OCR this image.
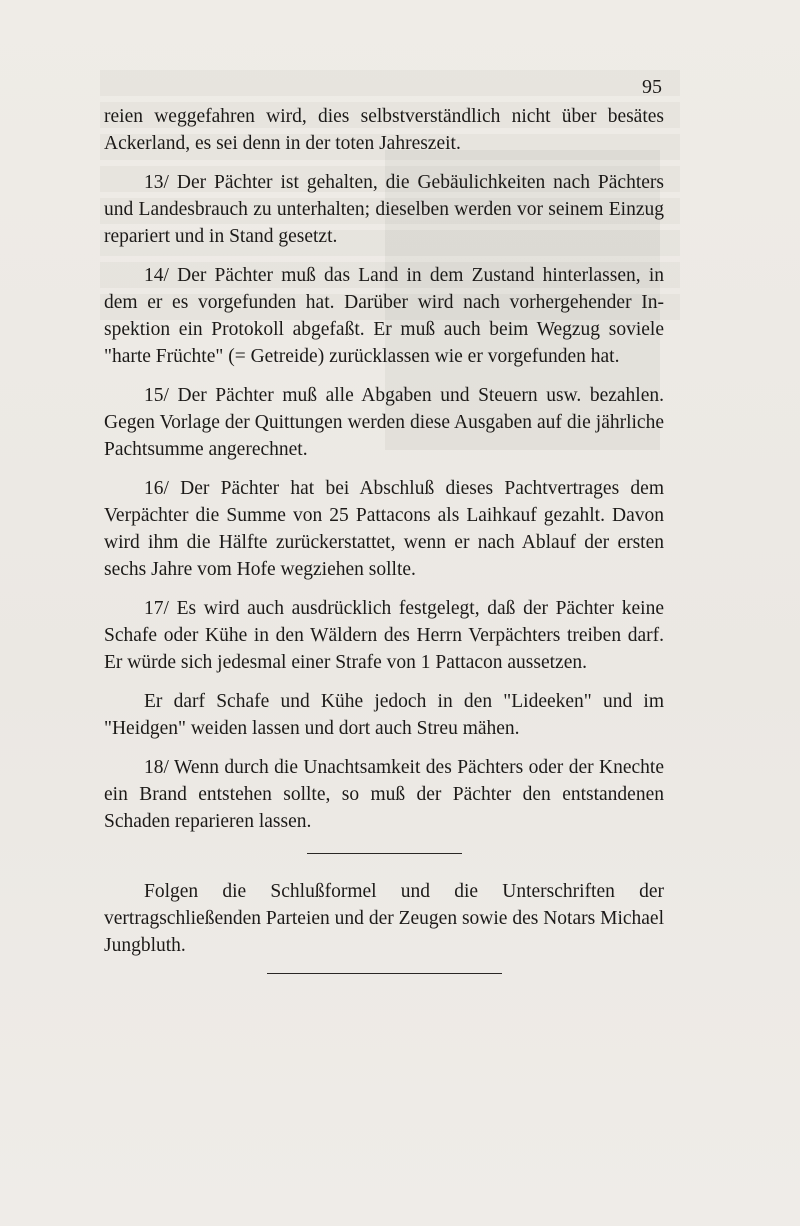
95

reien weggefahren wird, dies selbstverständlich nicht über besätes Ackerland, es sei denn in der toten Jahreszeit.

13/ Der Pächter ist gehalten, die Gebäulichkeiten nach Pächters und Landesbrauch zu unterhalten; dieselben werden vor seinem Einzug repariert und in Stand gesetzt.

14/ Der Pächter muß das Land in dem Zustand hinterlassen, in dem er es vorgefunden hat. Darüber wird nach vorhergehender Inspektion ein Protokoll abgefaßt. Er muß auch beim Wegzug soviele "harte Früchte" (= Getreide) zurücklassen wie er vorgefunden hat.

15/ Der Pächter muß alle Abgaben und Steuern usw. bezahlen. Gegen Vorlage der Quittungen werden diese Ausgaben auf die jährliche Pachtsumme angerechnet.

16/ Der Pächter hat bei Abschluß dieses Pachtvertrages dem Verpächter die Summe von 25 Pattacons als Laihkauf gezahlt. Davon wird ihm die Hälfte zurückerstattet, wenn er nach Ablauf der ersten sechs Jahre vom Hofe wegziehen sollte.

17/ Es wird auch ausdrücklich festgelegt, daß der Pächter keine Schafe oder Kühe in den Wäldern des Herrn Verpächters treiben darf. Er würde sich jedesmal einer Strafe von 1 Pattacon aussetzen.

Er darf Schafe und Kühe jedoch in den "Lideeken" und im "Heidgen" weiden lassen und dort auch Streu mähen.

18/ Wenn durch die Unachtsamkeit des Pächters oder der Knechte ein Brand entstehen sollte, so muß der Pächter den entstandenen Schaden reparieren lassen.

Folgen die Schlußformel und die Unterschriften der vertragschließenden Parteien und der Zeugen sowie des Notars Michael Jungbluth.
